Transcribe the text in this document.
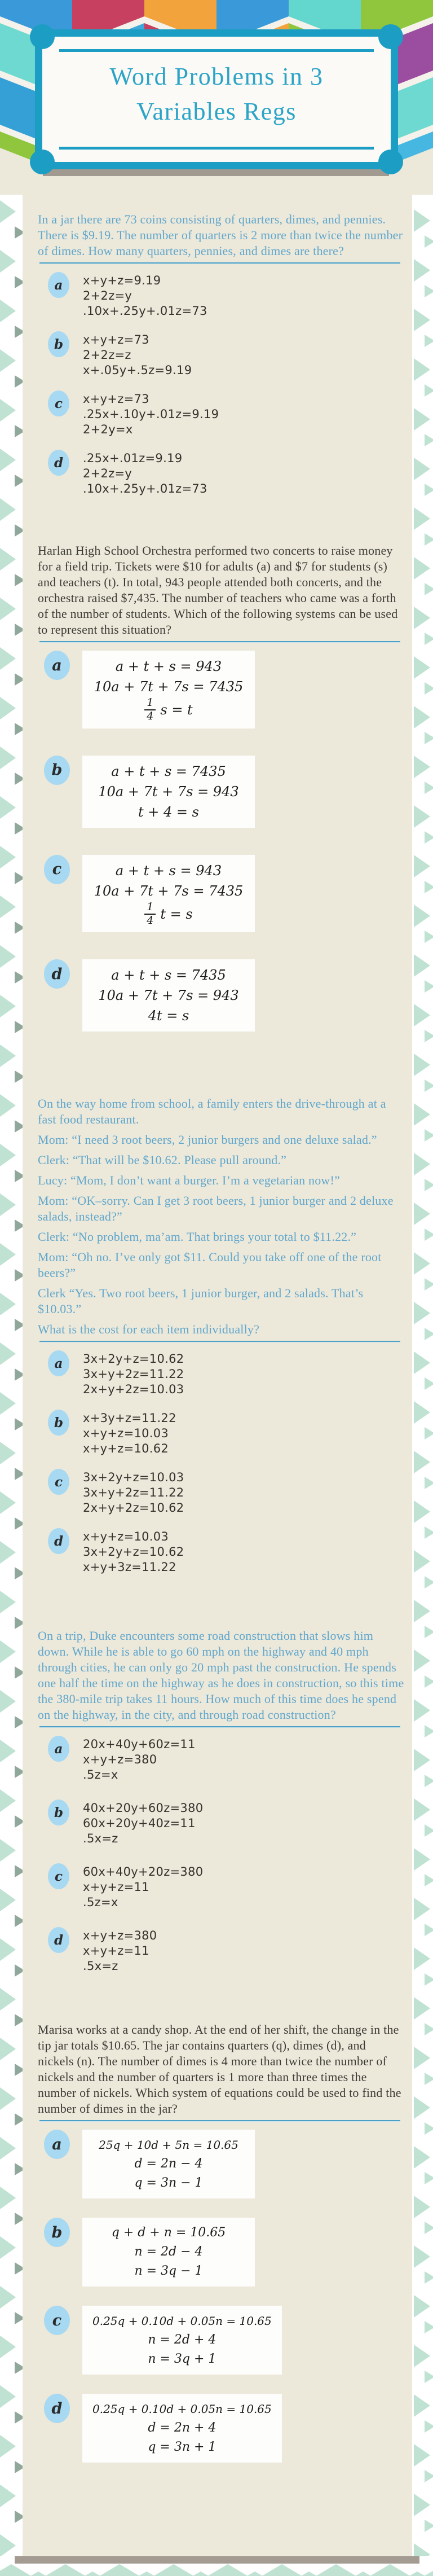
Word Problems in 3
Variables Regs

In a jar there are 73 coins consisting of quarters, dimes, and pennies. There is $9.19. The number of quarters is 2 more than twice the number of dimes. How many quarters, pennies, and dimes are there?

a	x+y+z=9.19
2+2z=y
.10x+.25y+.01z=73
b	x+y+z=73
2+2z=z
x+.05y+.5z=9.19
c	x+y+z=73
.25x+.10y+.01z=9.19
2+2y=x
d	.25x+.01z=9.19
2+2z=y
.10x+.25y+.01z=73

Harlan High School Orchestra performed two concerts to raise money for a field trip. Tickets were $10 for adults (a) and $7 for students (s) and teachers (t). In total, 943 people attended both concerts, and the orchestra raised $7,435. The number of teachers who came was a forth of the number of students. Which of the following systems can be used to represent this situation?

a	a + t + s = 943
10a + 7t + 7s = 7435
$\frac{1}{4}$ s = t
b	a + t + s = 7435
10a + 7t + 7s = 943
t + 4 = s
c	a + t + s = 943
10a + 7t + 7s = 7435
$\frac{1}{4}$ t = s
d	a + t + s = 7435
10a + 7t + 7s = 943
4t = s

On the way home from school, a family enters the drive-through at a fast food restaurant.

Mom: “I need 3 root beers, 2 junior burgers and one deluxe salad.”

Clerk: “That will be $10.62. Please pull around.”

Lucy: “Mom, I don’t want a burger. I’m a vegetarian now!”

Mom: “OK–sorry. Can I get 3 root beers, 1 junior burger and 2 deluxe salads, instead?”

Clerk: “No problem, ma’am. That brings your total to $11.22.”

Mom: “Oh no. I’ve only got $11. Could you take off one of the root beers?”

Clerk “Yes. Two root beers, 1 junior burger, and 2 salads. That’s $10.03.”

What is the cost for each item individually?

a	3x+2y+z=10.62
3x+y+2z=11.22
2x+y+2z=10.03
b	x+3y+z=11.22
x+y+z=10.03
x+y+z=10.62
c	3x+2y+z=10.03
3x+y+2z=11.22
2x+y+2z=10.62
d	x+y+z=10.03
3x+2y+z=10.62
x+y+3z=11.22

On a trip, Duke encounters some road construction that slows him down. While he is able to go 60 mph on the highway and 40 mph through cities, he can only go 20 mph past the construction. He spends one half the time on the highway as he does in construction, so this time the 380-mile trip takes 11 hours. How much of this time does he spend on the highway, in the city, and through road construction?

a	20x+40y+60z=11
x+y+z=380
.5z=x
b	40x+20y+60z=380
60x+20y+40z=11
.5x=z
c	60x+40y+20z=380
x+y+z=11
.5z=x
d	x+y+z=380
x+y+z=11
.5x=z

Marisa works at a candy shop. At the end of her shift, the change in the tip jar totals $10.65. The jar contains quarters (q), dimes (d), and nickels (n). The number of dimes is 4 more than twice the number of nickels and the number of quarters is 1 more than three times the number of nickels. Which system of equations could be used to find the number of dimes in the jar?

a	25q + 10d + 5n = 10.65
d = 2n − 4
q = 3n − 1
b	q + d + n = 10.65
n = 2d − 4
n = 3q − 1
c	0.25q + 0.10d + 0.05n = 10.65
n = 2d + 4
n = 3q + 1
d	0.25q + 0.10d + 0.05n = 10.65
d = 2n + 4
q = 3n + 1
